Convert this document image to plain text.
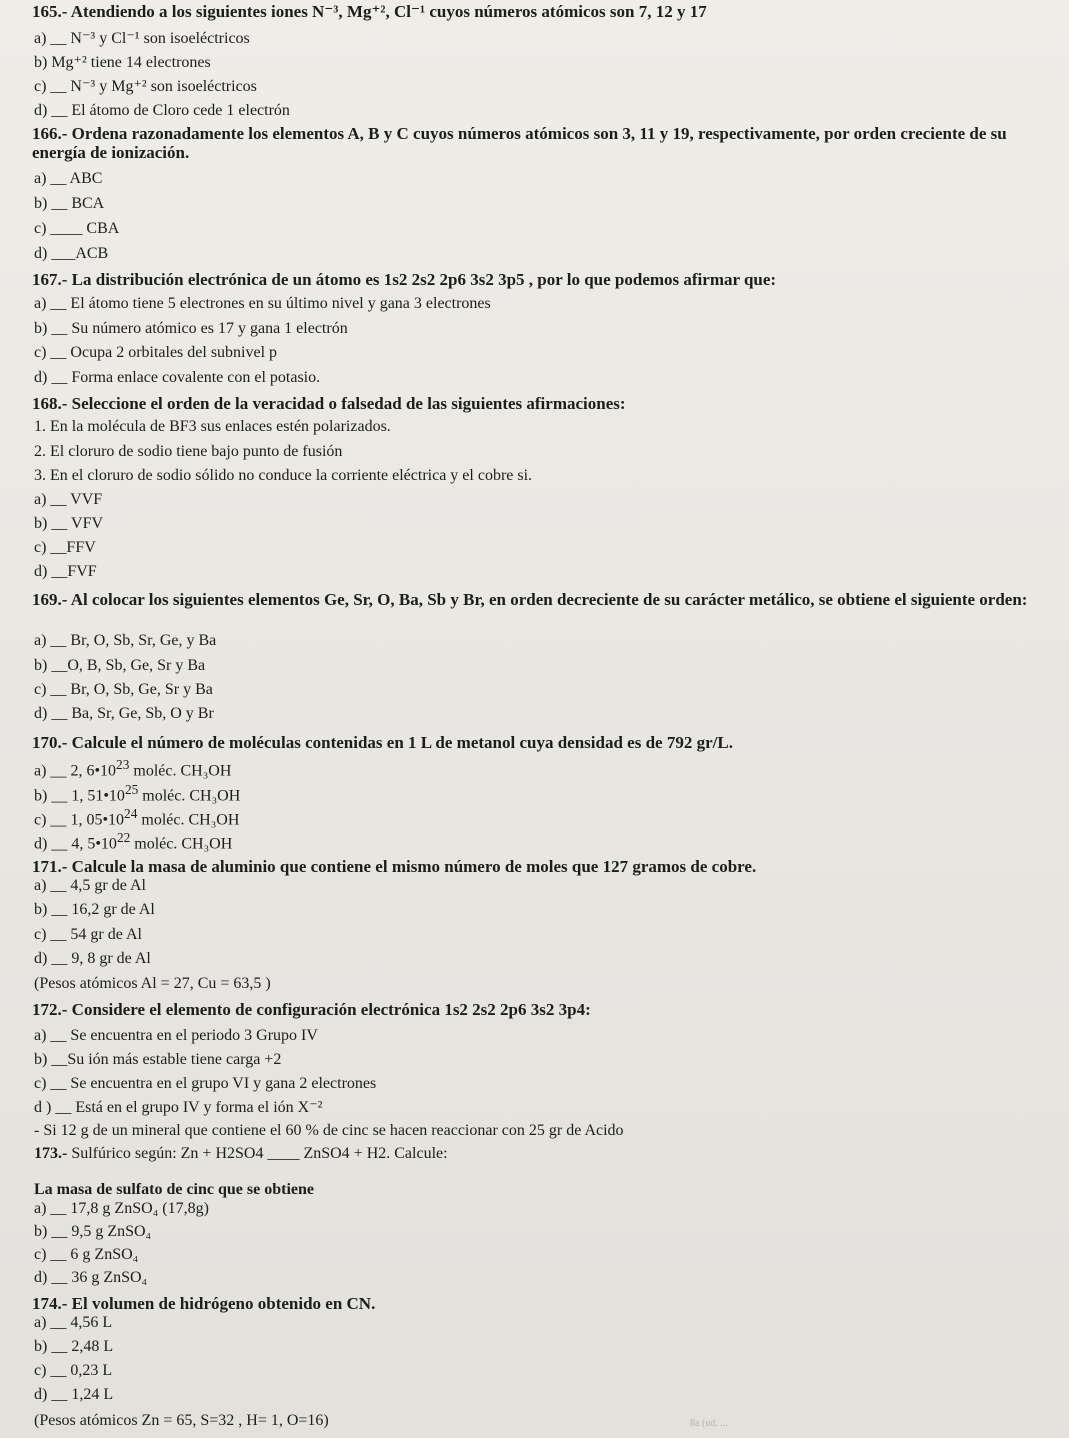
165.- Atendiendo a los siguientes iones N⁻³, Mg⁺², Cl⁻¹ cuyos números atómicos son 7, 12 y 17
a) __ N⁻³ y Cl⁻¹ son isoeléctricos
b) Mg⁺² tiene 14 electrones
c) __ N⁻³ y Mg⁺² son isoeléctricos
d) __ El átomo de Cloro cede 1 electrón
166.- Ordena razonadamente los elementos A, B y C cuyos números atómicos son 3, 11 y 19, respectivamente, por orden creciente de su energía de ionización.
a) __ ABC
b) __ BCA
c) ____ CBA
d) ___ACB
167.- La distribución electrónica de un átomo es 1s2 2s2 2p6 3s2 3p5 , por lo que podemos afirmar que:
a) __ El átomo tiene 5 electrones en su último nivel y gana 3 electrones
b) __ Su número atómico es 17 y gana 1 electrón
c) __ Ocupa 2 orbitales del subnivel p
d) __ Forma enlace covalente con el potasio.
168.- Seleccione el orden de la veracidad o falsedad de las siguientes afirmaciones:
1. En la molécula de BF3 sus enlaces estén polarizados.
2. El cloruro de sodio tiene bajo punto de fusión
3. En el cloruro de sodio sólido no conduce la corriente eléctrica y el cobre si.
a) __ VVF
b) __ VFV
c) __FFV
d) __FVF
169.- Al colocar los siguientes elementos Ge, Sr, O, Ba, Sb y Br, en orden decreciente de su carácter metálico, se obtiene el siguiente orden:
a) __ Br, O, Sb, Sr, Ge, y Ba
b) __O, B, Sb, Ge, Sr y Ba
c) __ Br, O, Sb, Ge, Sr y Ba
d) __ Ba, Sr, Ge, Sb, O y Br
170.- Calcule el número de moléculas contenidas en 1 L de metanol cuya densidad es de 792 gr/L.
a) __ 2, $6•10^{23}$ moléc. CH₃OH
b) __ 1, $51•10^{25}$ moléc. CH₃OH
c) __ 1, $05•10^{24}$ moléc. CH₃OH
d) __ 4, $5•10^{22}$ moléc. CH₃OH
171.- Calcule la masa de aluminio que contiene el mismo número de moles que 127 gramos de cobre.
a) __ 4,5 gr de Al
b) __ 16,2 gr de Al
c) __ 54 gr de Al
d) __ 9, 8 gr de Al
(Pesos atómicos Al = 27, Cu = 63,5 )
172.- Considere el elemento de configuración electrónica 1s2 2s2 2p6 3s2 3p4:
a) __ Se encuentra en el periodo 3 Grupo IV
b) __Su ión más estable tiene carga +2
c) __ Se encuentra en el grupo VI y gana 2 electrones
d ) __ Está en el grupo IV y forma el ión X⁻²
- Si 12 g de un mineral que contiene el 60 % de cinc se hacen reaccionar con 25 gr de Acido
173.- Sulfúrico según: Zn + H2SO4 ____ ZnSO4 + H2. Calcule:
La masa de sulfato de cinc que se obtiene
a) __ 17,8 g ZnSO₄ (17,8g)
b) __ 9,5 g ZnSO₄
c) __ 6 g ZnSO₄
d) __ 36 g ZnSO₄
174.- El volumen de hidrógeno obtenido en CN.
a) __ 4,56 L
b) __ 2,48 L
c) __ 0,23 L
d) __ 1,24 L
(Pesos atómicos Zn = 65, S=32 , H= 1, O=16)	8a (ud. ...
